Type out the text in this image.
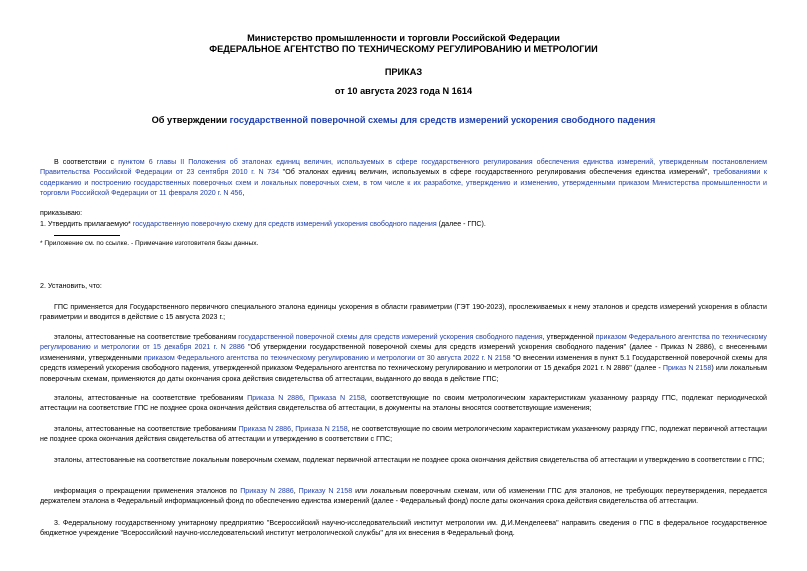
Министерство промышленности и торговли Российской Федерации
ФЕДЕРАЛЬНОЕ АГЕНТСТВО ПО ТЕХНИЧЕСКОМУ РЕГУЛИРОВАНИЮ И МЕТРОЛОГИИ
ПРИКАЗ
от 10 августа 2023 года N 1614
Об утверждении государственной поверочной схемы для средств измерений ускорения свободного падения

В соответствии с пунктом 6 главы II Положения об эталонах единиц величин, используемых в сфере государственного регулирования обеспечения единства измерений, утвержденным постановлением Правительства Российской Федерации от 23 сентября 2010 г. N 734 "Об эталонах единиц величин, используемых в сфере государственного регулирования обеспечения единства измерений", требованиями к содержанию и построению государственных поверочных схем и локальных поверочных схем, в том числе к их разработке, утверждению и изменению, утвержденными приказом Министерства промышленности и торговли Российской Федерации от 11 февраля 2020 г. N 456,

приказываю:

1. Утвердить прилагаемую* государственную поверочную схему для средств измерений ускорения свободного падения (далее - ГПС).

* Приложение см. по ссылке. - Примечание изготовителя базы данных.

2. Установить, что:

ГПС применяется для Государственного первичного специального эталона единицы ускорения в области гравиметрии (ГЭТ 190-2023), прослеживаемых к нему эталонов и средств измерений ускорения в области гравиметрии и вводится в действие с 15 августа 2023 г.;

эталоны, аттестованные на соответствие требованиям государственной поверочной схемы для средств измерений ускорения свободного падения, утвержденной приказом Федерального агентства по техническому регулированию и метрологии от 15 декабря 2021 г. N 2886 "Об утверждении государственной поверочной схемы для средств измерений ускорения свободного падения" (далее - Приказ N 2886), с внесенными изменениями, утвержденными приказом Федерального агентства по техническому регулированию и метрологии от 30 августа 2022 г. N 2158 "О внесении изменения в пункт 5.1 Государственной поверочной схемы для средств измерений ускорения свободного падения, утвержденной приказом Федерального агентства по техническому регулированию и метрологии от 15 декабря 2021 г. N 2886" (далее - Приказ N 2158) или локальным поверочным схемам, применяются до даты окончания срока действия свидетельства об аттестации, выданного до ввода в действие ГПС;

эталоны, аттестованные на соответствие требованиям Приказа N 2886, Приказа N 2158, соответствующие по своим метрологическим характеристикам указанному разряду ГПС, подлежат периодической аттестации на соответствие ГПС не позднее срока окончания действия свидетельства об аттестации, в документы на эталоны вносятся соответствующие изменения;

эталоны, аттестованные на соответствие требованиям Приказа N 2886, Приказа N 2158, не соответствующие по своим метрологическим характеристикам указанному разряду ГПС, подлежат первичной аттестации не позднее срока окончания действия свидетельства об аттестации и утверждению в соответствии с ГПС;

эталоны, аттестованные на соответствие локальным поверочным схемам, подлежат первичной аттестации не позднее срока окончания действия свидетельства об аттестации и утверждению в соответствии с ГПС;

информация о прекращении применения эталонов по Приказу N 2886, Приказу N 2158 или локальным поверочным схемам, или об изменении ГПС для эталонов, не требующих переутверждения, передается держателем эталона в Федеральный информационный фонд по обеспечению единства измерений (далее - Федеральный фонд) после даты окончания срока действия свидетельства об аттестации.

3. Федеральному государственному унитарному предприятию "Всероссийский научно-исследовательский институт метрологии им. Д.И.Менделеева" направить сведения о ГПС в федеральное государственное бюджетное учреждение "Всероссийский научно-исследовательский институт метрологической службы" для их внесения в Федеральный фонд.
